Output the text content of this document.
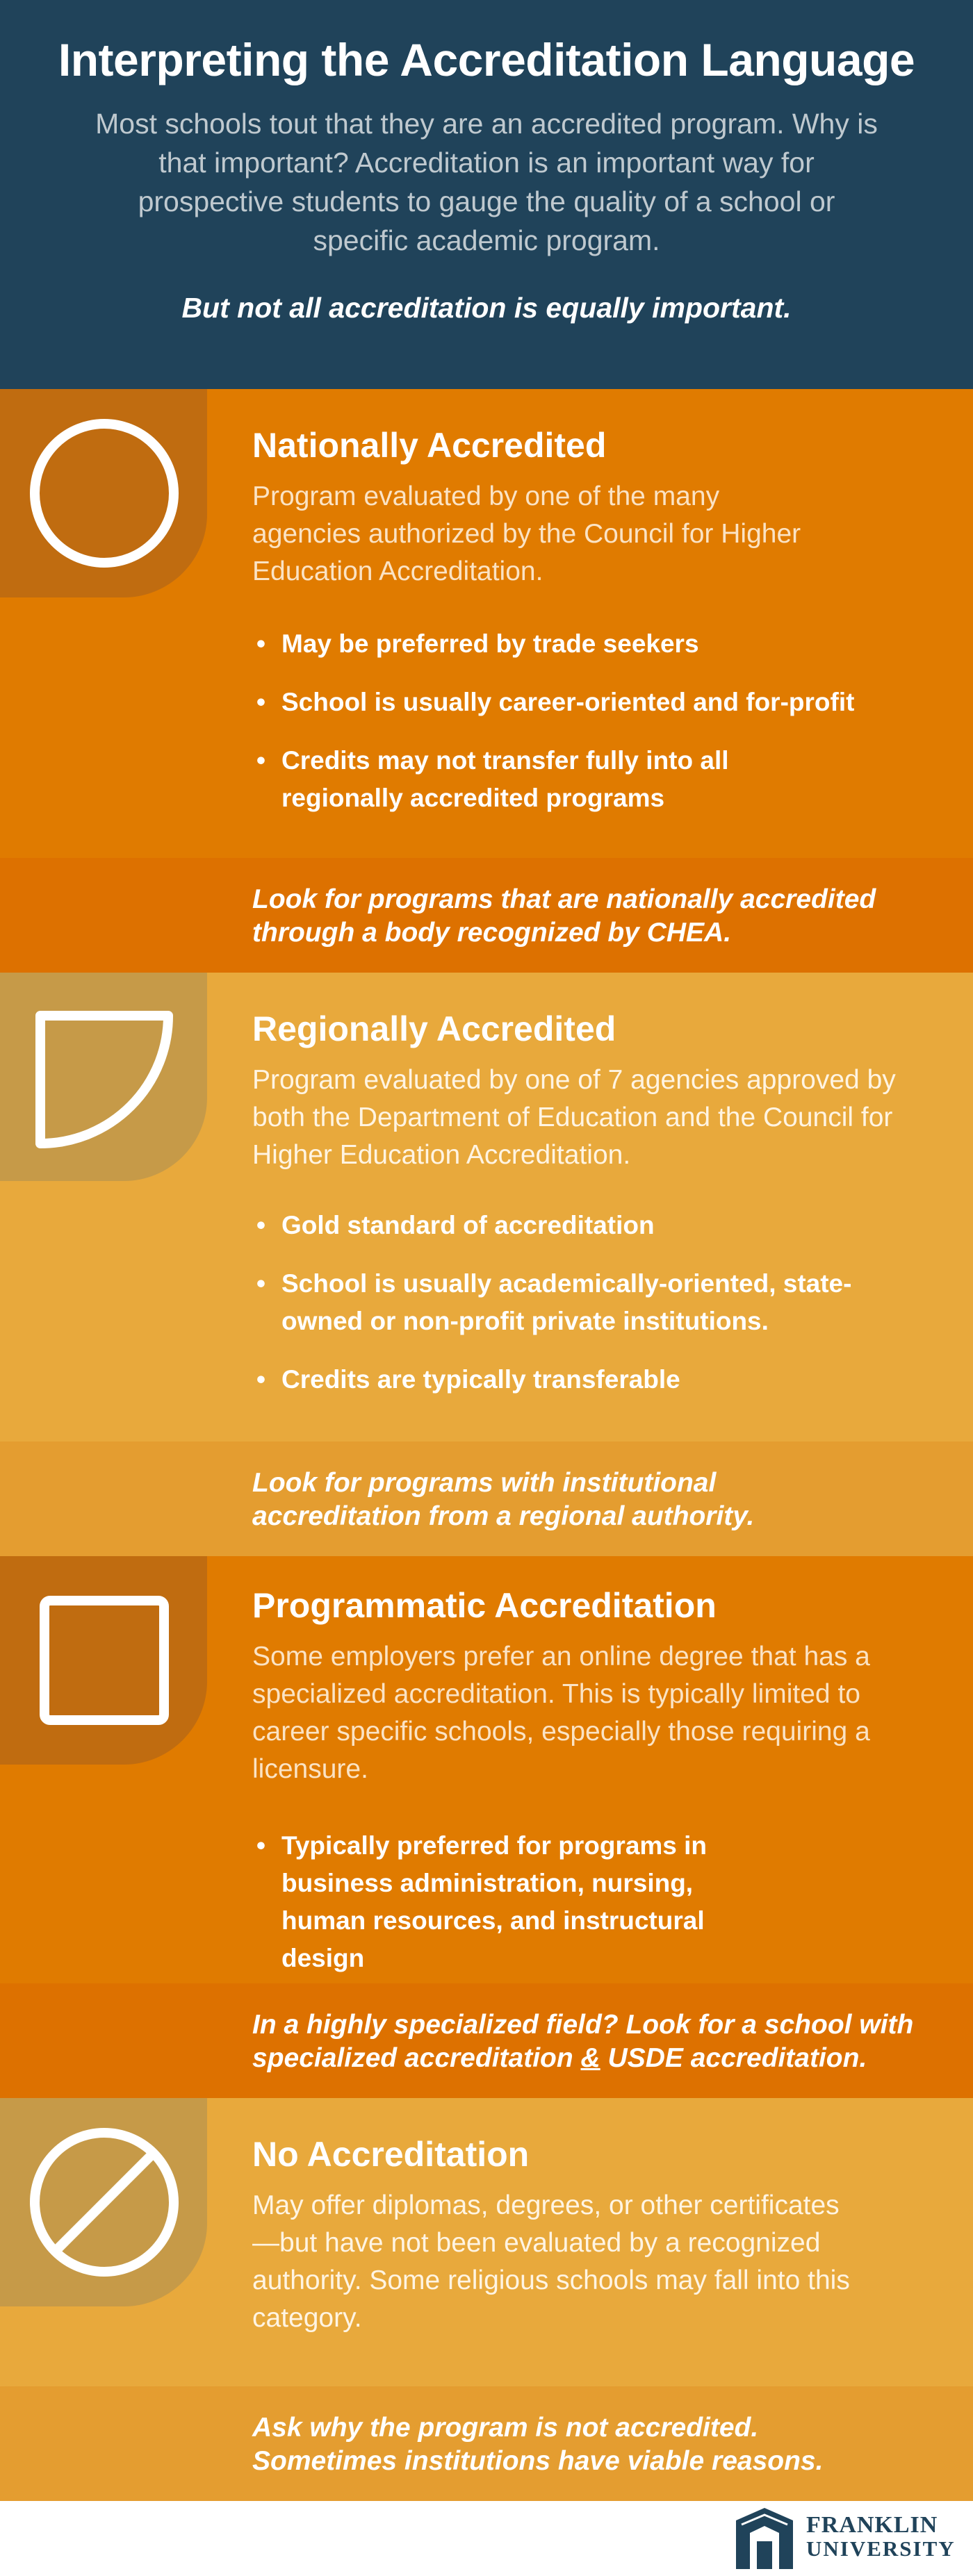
Interpreting the Accreditation Language

Most schools tout that they are an accredited program. Why is that important? Accreditation is an important way for prospective students to gauge the quality of a school or specific academic program.

But not all accreditation is equally important.

Nationally Accredited

Program evaluated by one of the many agencies authorized by the Council for Higher Education Accreditation.

• May be preferred by trade seekers
• School is usually career-oriented and for-profit
• Credits may not transfer fully into all regionally accredited programs

Look for programs that are nationally accredited through a body recognized by CHEA.

Regionally Accredited

Program evaluated by one of 7 agencies approved by both the Department of Education and the Council for Higher Education Accreditation.

• Gold standard of accreditation
• School is usually academically-oriented, state-owned or non-profit private institutions.
• Credits are typically transferable

Look for programs with institutional accreditation from a regional authority.

Programmatic Accreditation

Some employers prefer an online degree that has a specialized accreditation. This is typically limited to career specific schools, especially those requiring a licensure.

• Typically preferred for programs in business administration, nursing, human resources, and instructural design

In a highly specialized field? Look for a school with specialized accreditation & USDE accreditation.

No Accreditation

May offer diplomas, degrees, or other certificates—but have not been evaluated by a recognized authority. Some religious schools may fall into this category.

Ask why the program is not accredited. Sometimes institutions have viable reasons.

FRANKLIN
UNIVERSITY
